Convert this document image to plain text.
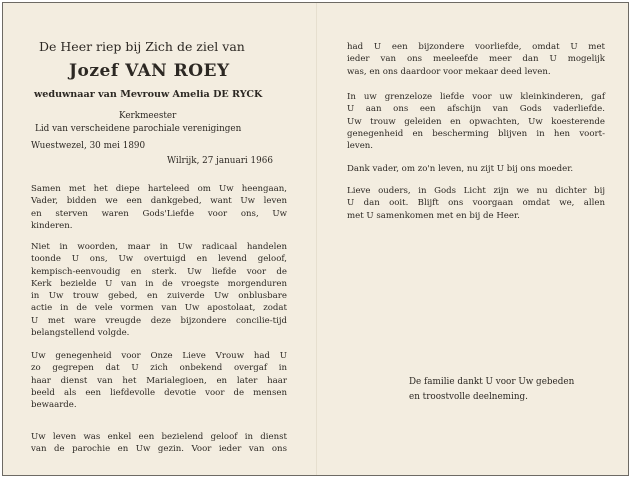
De Heer riep bij Zich de ziel van
Jozef VAN ROEY
weduwnaar van Mevrouw Amelia DE RYCK
Kerkmeester
Lid van verscheidene parochiale verenigingen
Wuestwezel, 30 mei 1890
Wilrijk, 27 januari 1966
Samen met het diepe harteleed om Uw heengaan,
Vader, bidden we een dankgebed, want Uw leven
en sterven waren Gods'Liefde voor ons, Uw
kinderen.
Niet in woorden, maar in Uw radicaal handelen
toonde U ons, Uw overtuigd en levend geloof,
kempisch-eenvoudig en sterk. Uw liefde voor de
Kerk bezielde U van in de vroegste morgenduren
in Uw trouw gebed, en zuiverde Uw onblusbare
actie in de vele vormen van Uw apostolaat, zodat
U met ware vreugde deze bijzondere concilie-tijd
belangstellend volgde.
Uw genegenheid voor Onze Lieve Vrouw had U
zo gegrepen dat U zich onbekend overgaf in
haar dienst van het Marialegioen, en later haar
beeld als een liefdevolle devotie voor de mensen
bewaarde.
Uw leven was enkel een bezielend geloof in dienst
van de parochie en Uw gezin. Voor ieder van ons
had U een bijzondere voorliefde, omdat U met
ieder van ons meeleefde meer dan U mogelijk
was, en ons daardoor voor mekaar deed leven.
In uw grenzeloze liefde voor uw kleinkinderen, gaf
U aan ons een afschijn van Gods vaderliefde.
Uw trouw geleiden en opwachten, Uw koesterende
genegenheid en bescherming blijven in hen voort-
leven.
Dank vader, om zo'n leven, nu zijt U bij ons moeder.
Lieve ouders, in Gods Licht zijn we nu dichter bij
U dan ooit. Blijft ons voorgaan omdat we, allen
met U samenkomen met en bij de Heer.
De familie dankt U voor Uw gebeden
en troostvolle deelneming.
